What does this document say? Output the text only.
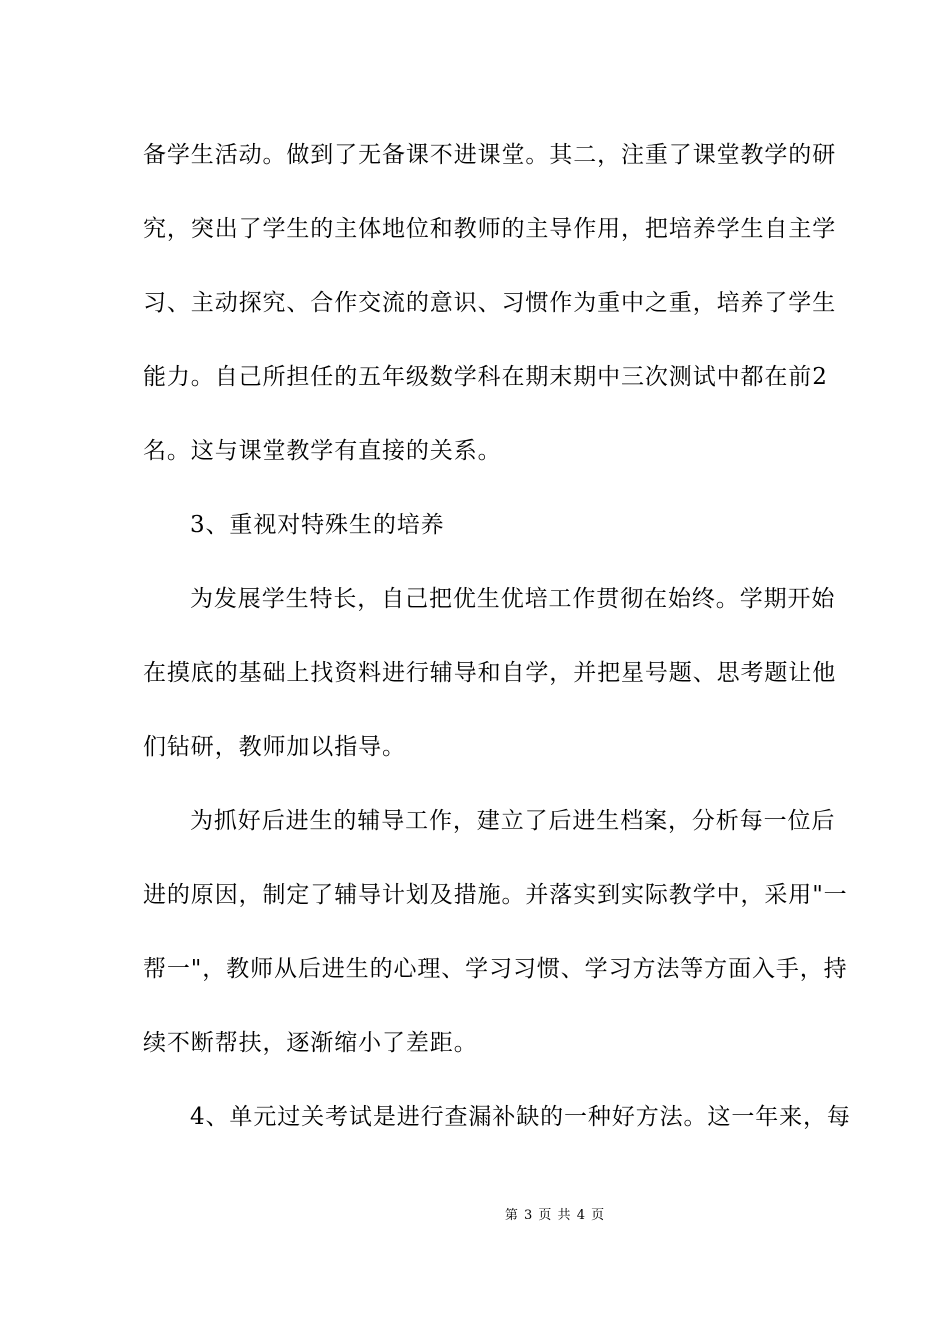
备学生活动。做到了无备课不进课堂。其二，注重了课堂教学的研
究，突出了学生的主体地位和教师的主导作用，把培养学生自主学
习、主动探究、合作交流的意识、习惯作为重中之重，培养了学生
能力。自己所担任的五年级数学科在期末期中三次测试中都在前2
名。这与课堂教学有直接的关系。
3、重视对特殊生的培养
为发展学生特长，自己把优生优培工作贯彻在始终。学期开始
在摸底的基础上找资料进行辅导和自学，并把星号题、思考题让他
们钻研，教师加以指导。
为抓好后进生的辅导工作，建立了后进生档案，分析每一位后
进的原因，制定了辅导计划及措施。并落实到实际教学中，采用"一
帮一"，教师从后进生的心理、学习习惯、学习方法等方面入手，持
续不断帮扶，逐渐缩小了差距。
4、单元过关考试是进行查漏补缺的一种好方法。这一年来，每
第 3 页 共 4 页
